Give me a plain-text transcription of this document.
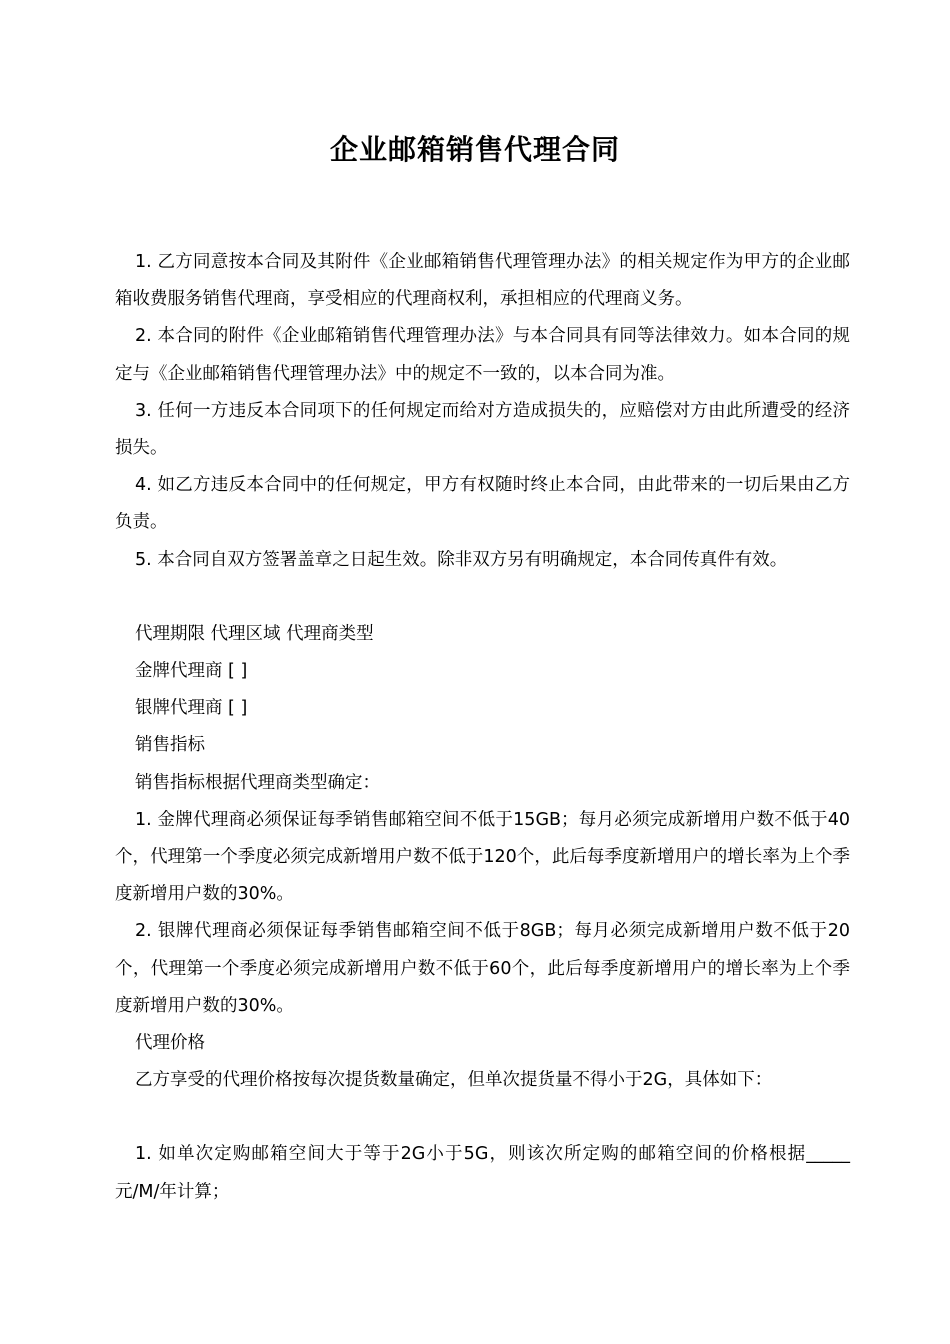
企业邮箱销售代理合同

1. 乙方同意按本合同及其附件《企业邮箱销售代理管理办法》的相关规定作为甲方的企业邮箱收费服务销售代理商，享受相应的代理商权利，承担相应的代理商义务。

2. 本合同的附件《企业邮箱销售代理管理办法》与本合同具有同等法律效力。如本合同的规定与《企业邮箱销售代理管理办法》中的规定不一致的，以本合同为准。

3. 任何一方违反本合同项下的任何规定而给对方造成损失的，应赔偿对方由此所遭受的经济损失。

4. 如乙方违反本合同中的任何规定，甲方有权随时终止本合同，由此带来的一切后果由乙方负责。

5. 本合同自双方签署盖章之日起生效。除非双方另有明确规定，本合同传真件有效。

代理期限 代理区域 代理商类型

金牌代理商 [ ]

银牌代理商 [ ]

销售指标

销售指标根据代理商类型确定：

1. 金牌代理商必须保证每季销售邮箱空间不低于15GB；每月必须完成新增用户数不低于40个，代理第一个季度必须完成新增用户数不低于120个，此后每季度新增用户的增长率为上个季度新增用户数的30%。

2. 银牌代理商必须保证每季销售邮箱空间不低于8GB；每月必须完成新增用户数不低于20个，代理第一个季度必须完成新增用户数不低于60个，此后每季度新增用户的增长率为上个季度新增用户数的30%。

代理价格

乙方享受的代理价格按每次提货数量确定，但单次提货量不得小于2G，具体如下：

1. 如单次定购邮箱空间大于等于2G小于5G，则该次所定购的邮箱空间的价格根据_____元/M/年计算；
